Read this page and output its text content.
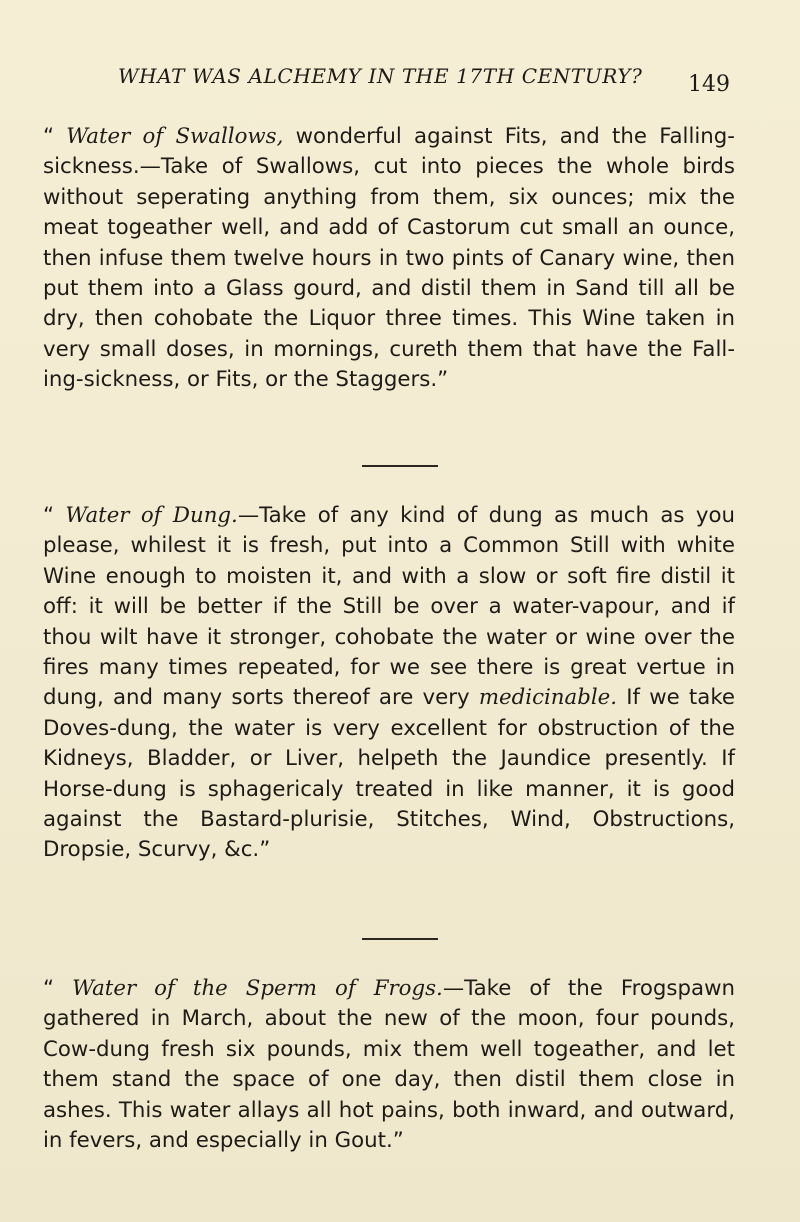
WHAT WAS ALCHEMY IN THE 17TH CENTURY? 149

“ Water of Swallows, wonderful against Fits, and the Falling-sickness.—Take of Swallows, cut into pieces the whole birds without seperating anything from them, six ounces; mix the meat togeather well, and add of Castorum cut small an ounce, then infuse them twelve hours in two pints of Canary wine, then put them into a Glass gourd, and distil them in Sand till all be dry, then cohobate the Liquor three times. This Wine taken in very small doses, in mornings, cureth them that have the Falling-sickness, or Fits, or the Staggers.”

“ Water of Dung.—Take of any kind of dung as much as you please, whilest it is fresh, put into a Common Still with white Wine enough to moisten it, and with a slow or soft fire distil it off: it will be better if the Still be over a water-vapour, and if thou wilt have it stronger, cohobate the water or wine over the fires many times repeated, for we see there is great vertue in dung, and many sorts thereof are very medicinable. If we take Doves-dung, the water is very excellent for obstruction of the Kidneys, Bladder, or Liver, helpeth the Jaundice presently. If Horse-dung is sphagericaly treated in like manner, it is good against the Bastard-plurisie, Stitches, Wind, Obstructions, Dropsie, Scurvy, &c.”

“ Water of the Sperm of Frogs.—Take of the Frogspawn gathered in March, about the new of the moon, four pounds, Cow-dung fresh six pounds, mix them well togeather, and let them stand the space of one day, then distil them close in ashes. This water allays all hot pains, both inward, and outward, in fevers, and especially in Gout.”
